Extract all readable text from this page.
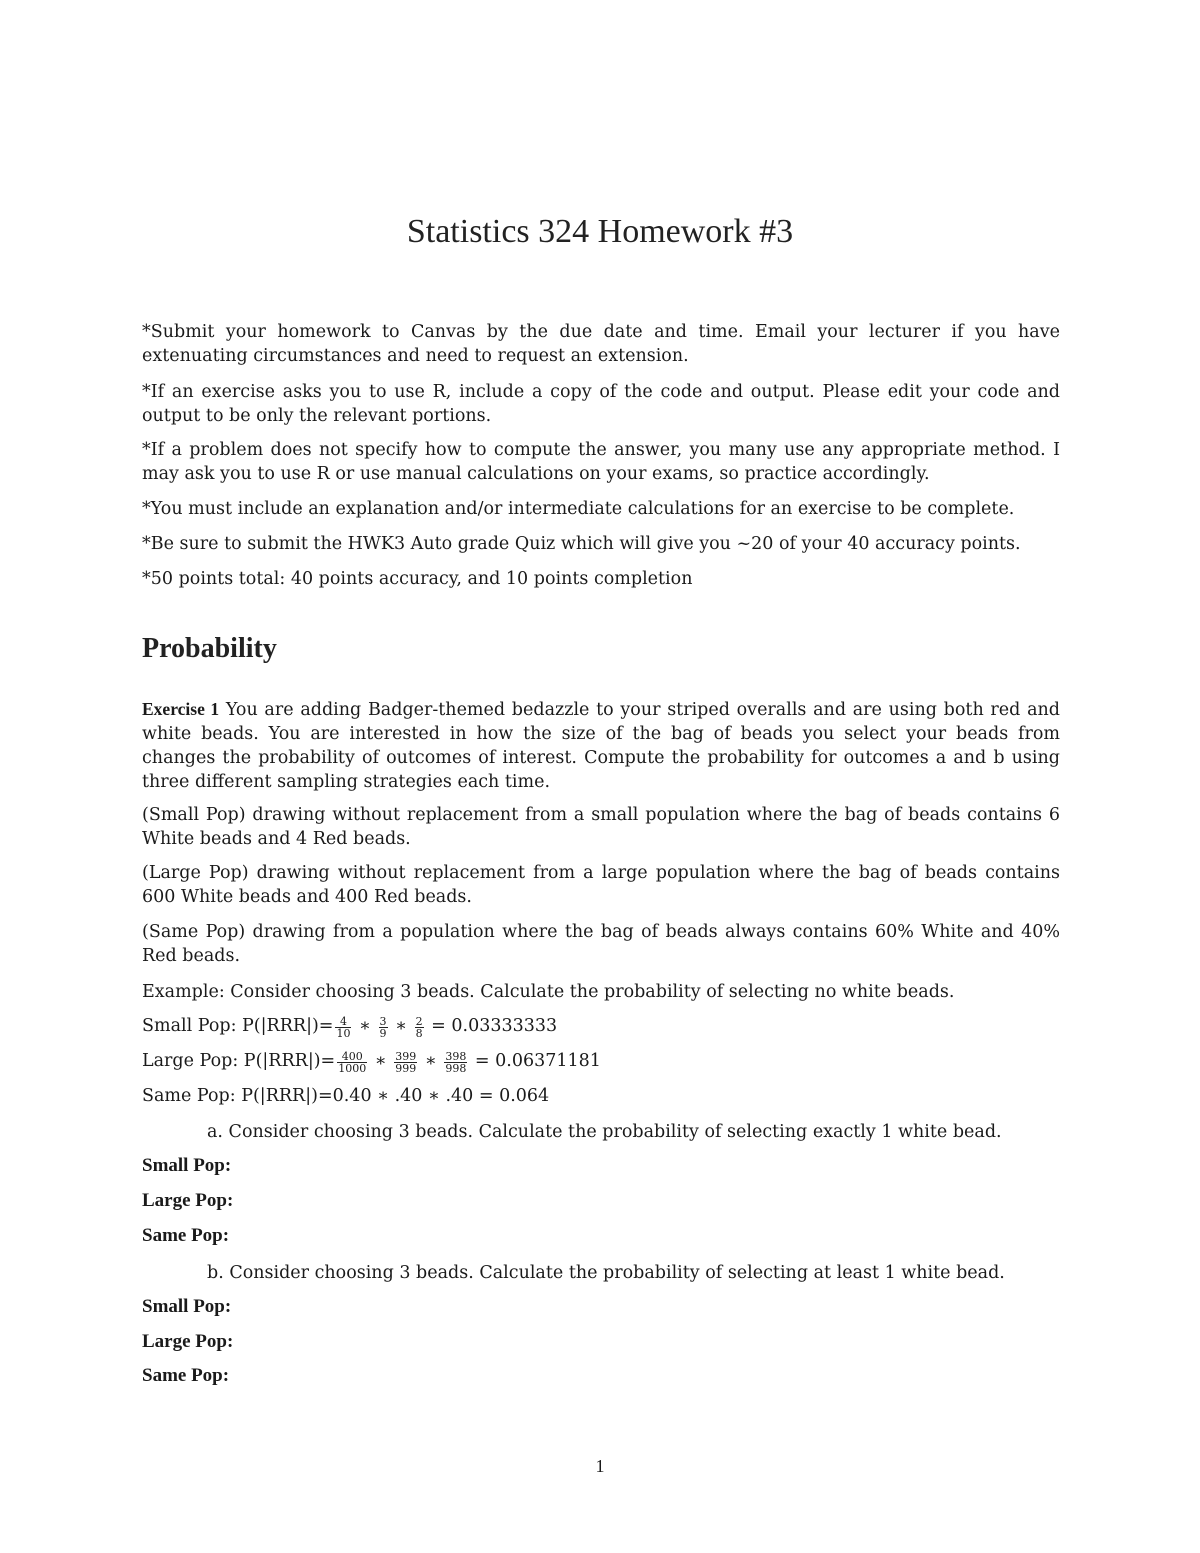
Statistics 324 Homework #3
*Submit your homework to Canvas by the due date and time. Email your lecturer if you have extenuating circumstances and need to request an extension.
*If an exercise asks you to use R, include a copy of the code and output. Please edit your code and output to be only the relevant portions.
*If a problem does not specify how to compute the answer, you many use any appropriate method. I may ask you to use R or use manual calculations on your exams, so practice accordingly.
*You must include an explanation and/or intermediate calculations for an exercise to be complete.
*Be sure to submit the HWK3 Auto grade Quiz which will give you ~20 of your 40 accuracy points.
*50 points total: 40 points accuracy, and 10 points completion
Probability
Exercise 1 You are adding Badger-themed bedazzle to your striped overalls and are using both red and white beads. You are interested in how the size of the bag of beads you select your beads from changes the probability of outcomes of interest. Compute the probability for outcomes a and b using three different sampling strategies each time.
(Small Pop) drawing without replacement from a small population where the bag of beads contains 6 White beads and 4 Red beads.
(Large Pop) drawing without replacement from a large population where the bag of beads contains 600 White beads and 400 Red beads.
(Same Pop) drawing from a population where the bag of beads always contains 60% White and 40% Red beads.
Example: Consider choosing 3 beads. Calculate the probability of selecting no white beads.
Small Pop: $P(|RRR|)= \frac{4}{10}$ ∗ $\frac{3}{9}$ ∗ $\frac{2}{8} = 0.03333333$
Large Pop: $P(|RRR|)= \frac{400}{1000}$ ∗ $\frac{399}{999}$ ∗ $\frac{398}{998} = 0.06371181$
Same Pop: P(|RRR|)=0.40 ∗ .40 ∗ .40 = 0.064
a. Consider choosing 3 beads. Calculate the probability of selecting exactly 1 white bead.
Small Pop:
Large Pop:
Same Pop:
b. Consider choosing 3 beads. Calculate the probability of selecting at least 1 white bead.
Small Pop:
Large Pop:
Same Pop:
1
